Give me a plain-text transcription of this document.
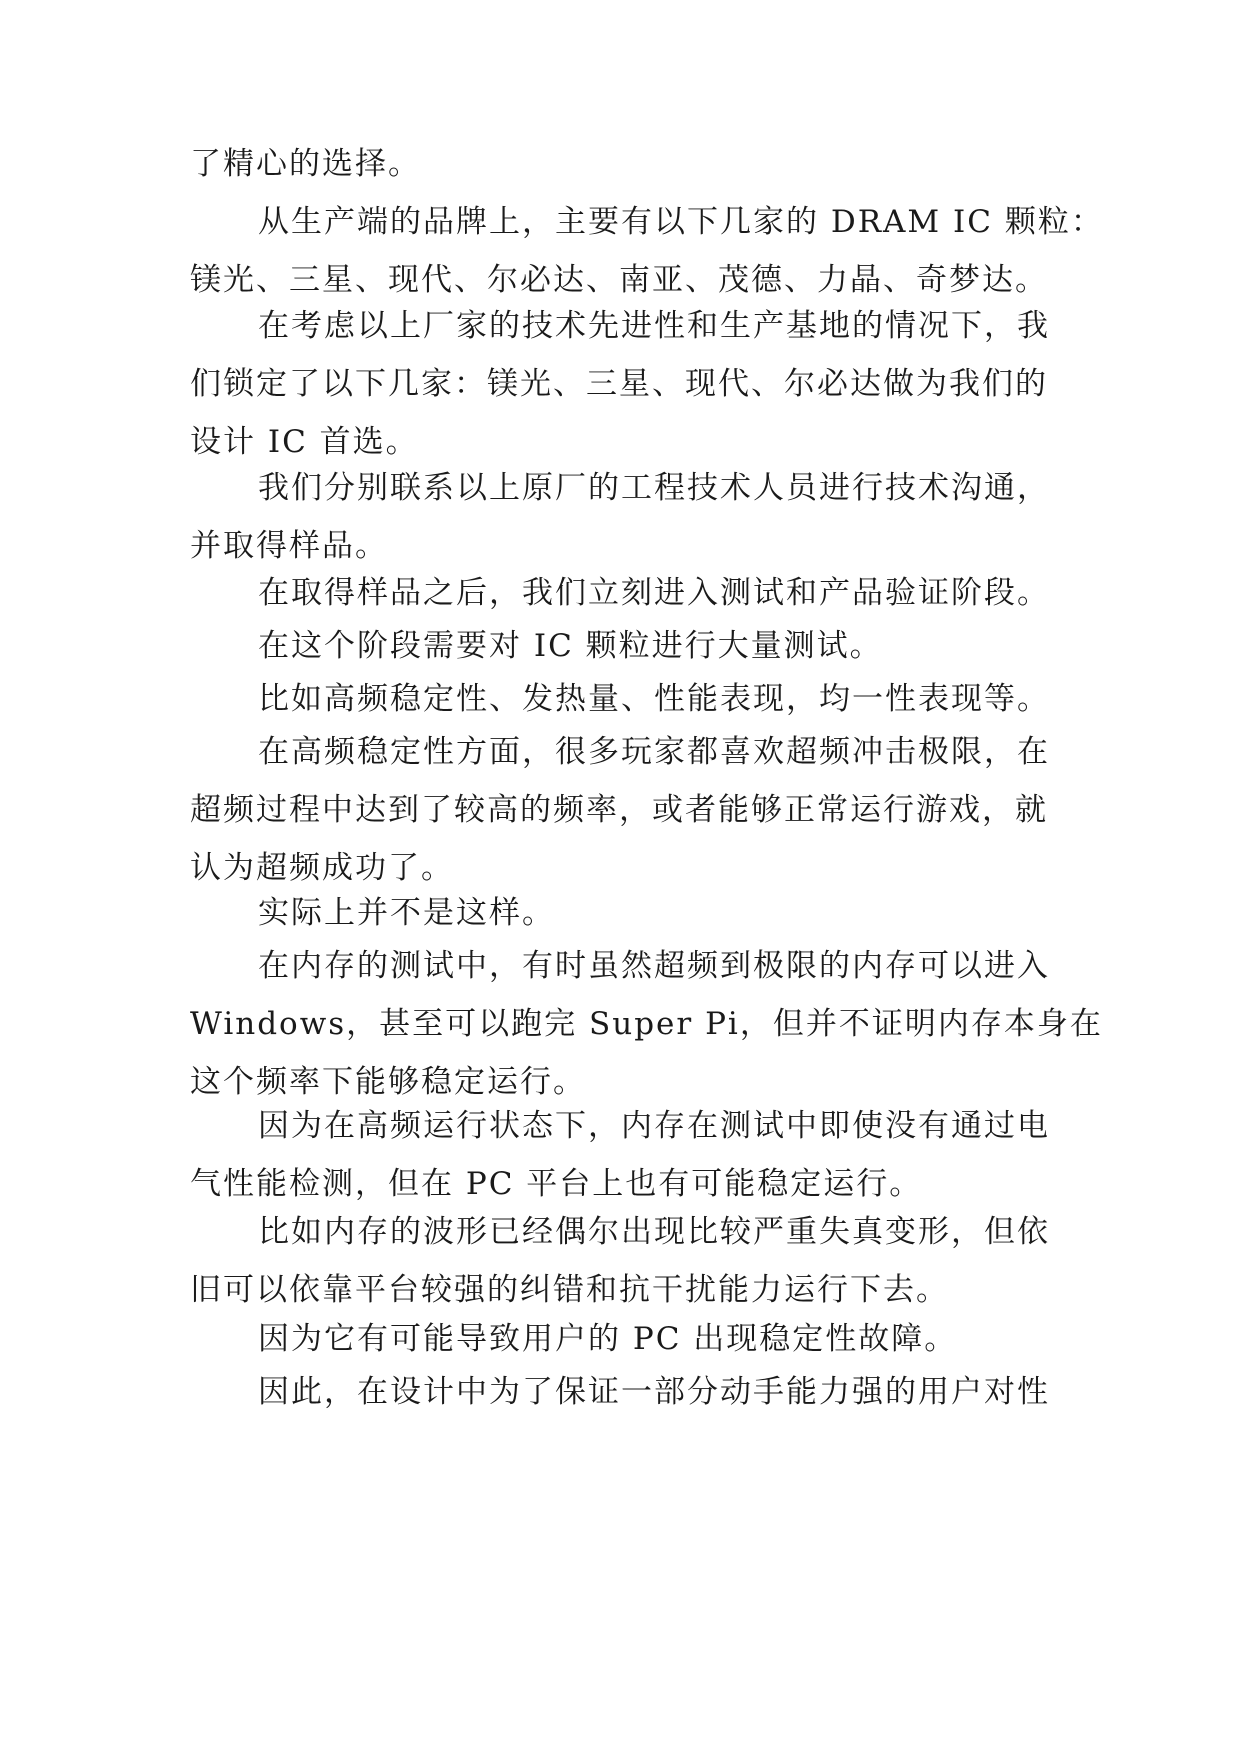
了精心的选择。
从生产端的品牌上，主要有以下几家的 DRAM IC 颗粒：
镁光、三星、现代、尔必达、南亚、茂德、力晶、奇梦达。
在考虑以上厂家的技术先进性和生产基地的情况下，我
们锁定了以下几家：镁光、三星、现代、尔必达做为我们的
设计 IC 首选。
我们分别联系以上原厂的工程技术人员进行技术沟通，
并取得样品。
在取得样品之后，我们立刻进入测试和产品验证阶段。
在这个阶段需要对 IC 颗粒进行大量测试。
比如高频稳定性、发热量、性能表现，均一性表现等。
在高频稳定性方面，很多玩家都喜欢超频冲击极限，在
超频过程中达到了较高的频率，或者能够正常运行游戏，就
认为超频成功了。
实际上并不是这样。
在内存的测试中，有时虽然超频到极限的内存可以进入
Windows，甚至可以跑完 Super Pi，但并不证明内存本身在
这个频率下能够稳定运行。
因为在高频运行状态下，内存在测试中即使没有通过电
气性能检测，但在 PC 平台上也有可能稳定运行。
比如内存的波形已经偶尔出现比较严重失真变形，但依
旧可以依靠平台较强的纠错和抗干扰能力运行下去。
因为它有可能导致用户的 PC 出现稳定性故障。
因此，在设计中为了保证一部分动手能力强的用户对性
